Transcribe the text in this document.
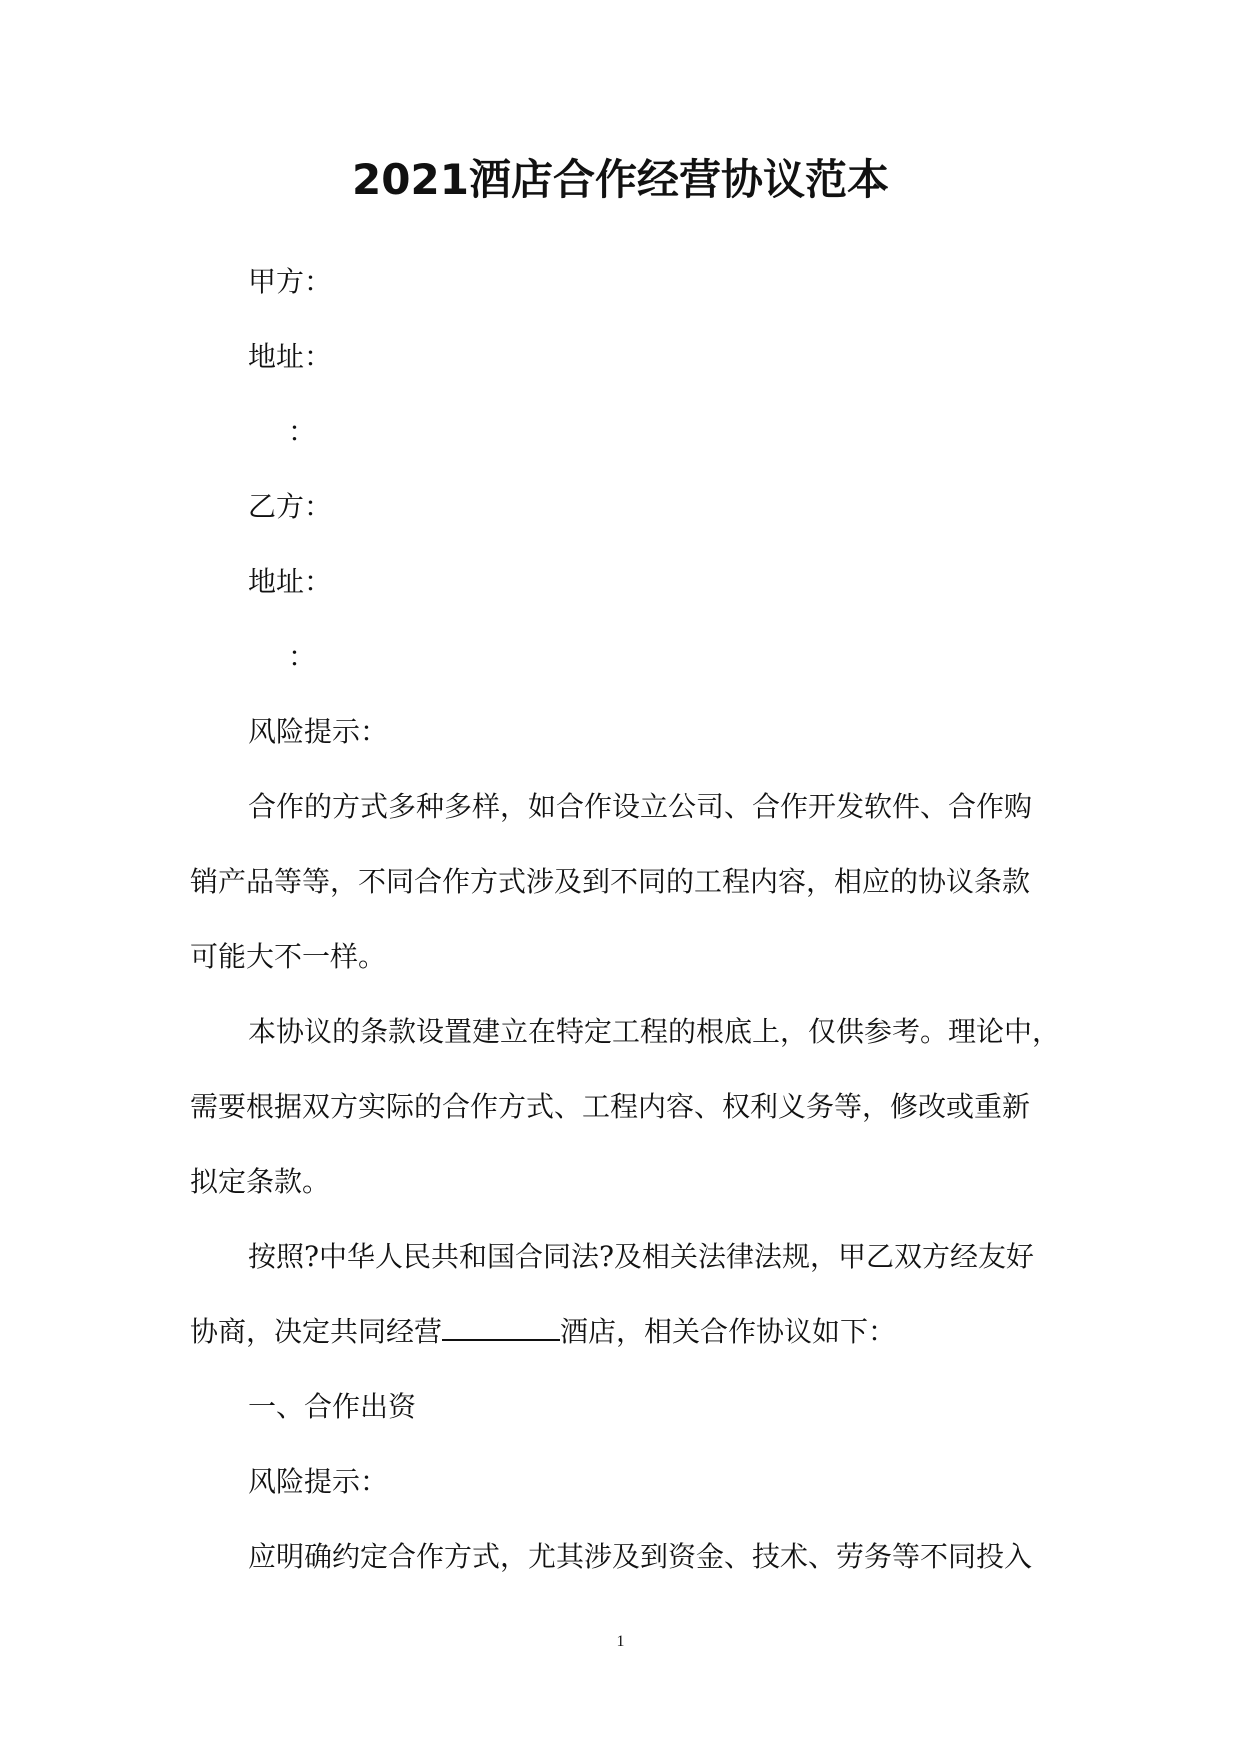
2021酒店合作经营协议范本
甲方：
地址：
：
乙方：
地址：
：
风险提示：
合作的方式多种多样，如合作设立公司、合作开发软件、合作购
销产品等等，不同合作方式涉及到不同的工程内容，相应的协议条款
可能大不一样。
本协议的条款设置建立在特定工程的根底上，仅供参考。理论中，
需要根据双方实际的合作方式、工程内容、权利义务等，修改或重新
拟定条款。
按照?中华人民共和国合同法?及相关法律法规，甲乙双方经友好
协商，决定共同经营	酒店，相关合作协议如下：
一、合作出资
风险提示：
应明确约定合作方式，尤其涉及到资金、技术、劳务等不同投入
1
